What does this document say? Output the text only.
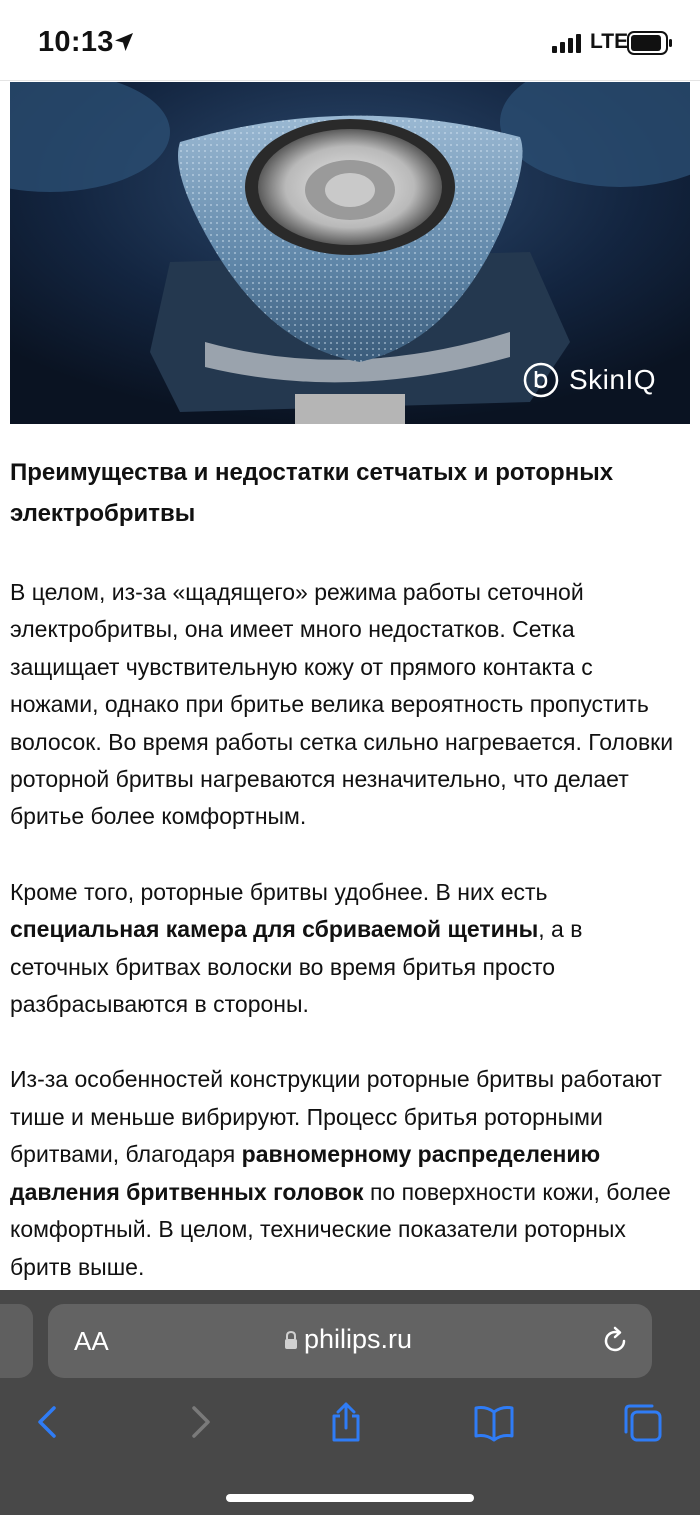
10:13	LTE
SkinIQ
Преимущества и недостатки сетчатых и роторных электробритвы

В целом, из-за «щадящего» режима работы сеточной электробритвы, она имеет много недостатков. Сетка защищает чувствительную кожу от прямого контакта с ножами, однако при бритье велика вероятность пропустить волосок. Во время работы сетка сильно нагревается. Головки роторной бритвы нагреваются незначительно, что делает бритье более комфортным.

Кроме того, роторные бритвы удобнее. В них есть специальная камера для сбриваемой щетины, а в сеточных бритвах волоски во время бритья просто разбрасываются в стороны.

Из-за особенностей конструкции роторные бритвы работают тише и меньше вибрируют. Процесс бритья роторными бритвами, благодаря равномерному распределению давления бритвенных головок по поверхности кожи, более комфортный. В целом, технические показатели роторных бритв выше.

AA	philips.ru
